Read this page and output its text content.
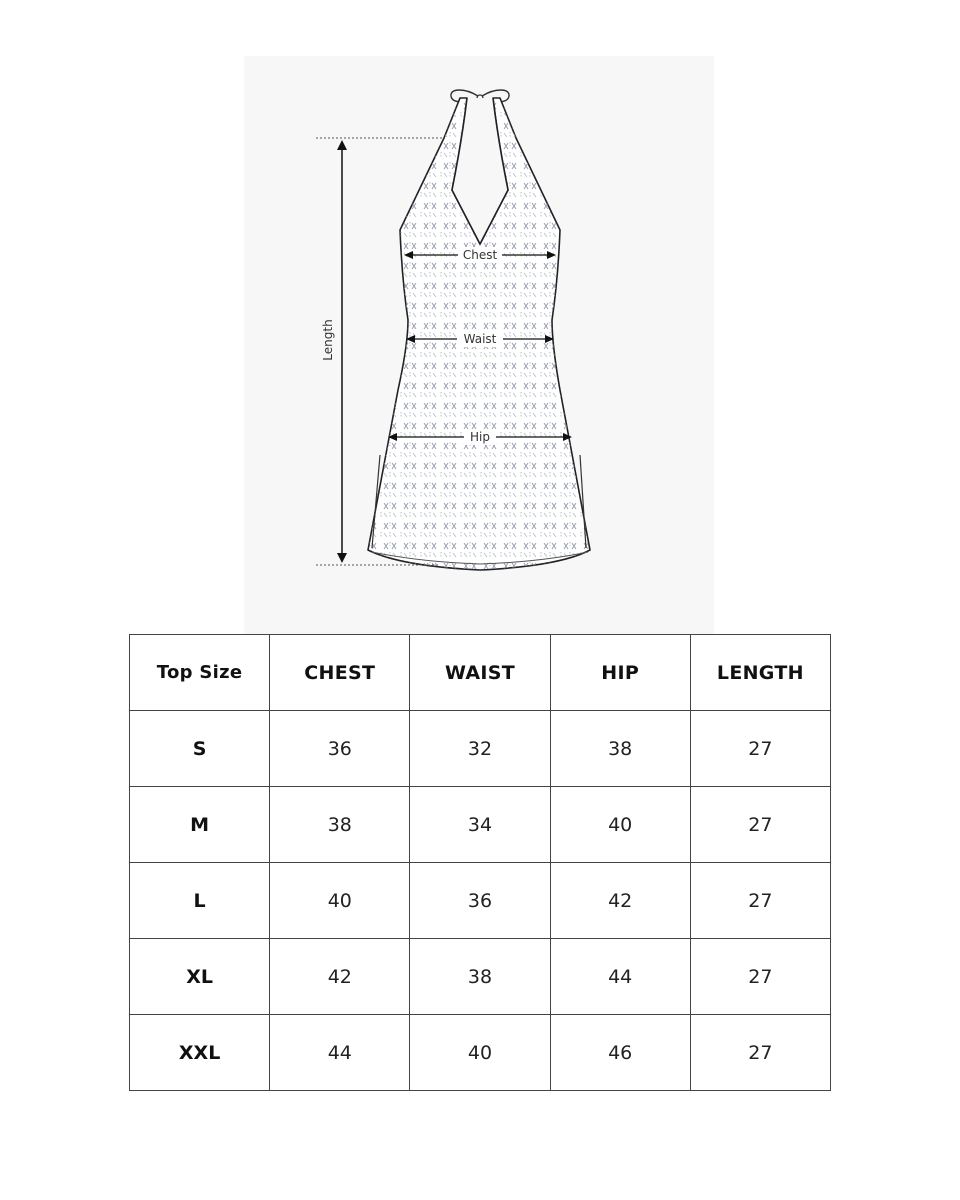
Length
Chest
Waist
Hip
Top Size	CHEST	WAIST	HIP	LENGTH
S	36	32	38	27
M	38	34	40	27
L	40	36	42	27
XL	42	38	44	27
XXL	44	40	46	27
